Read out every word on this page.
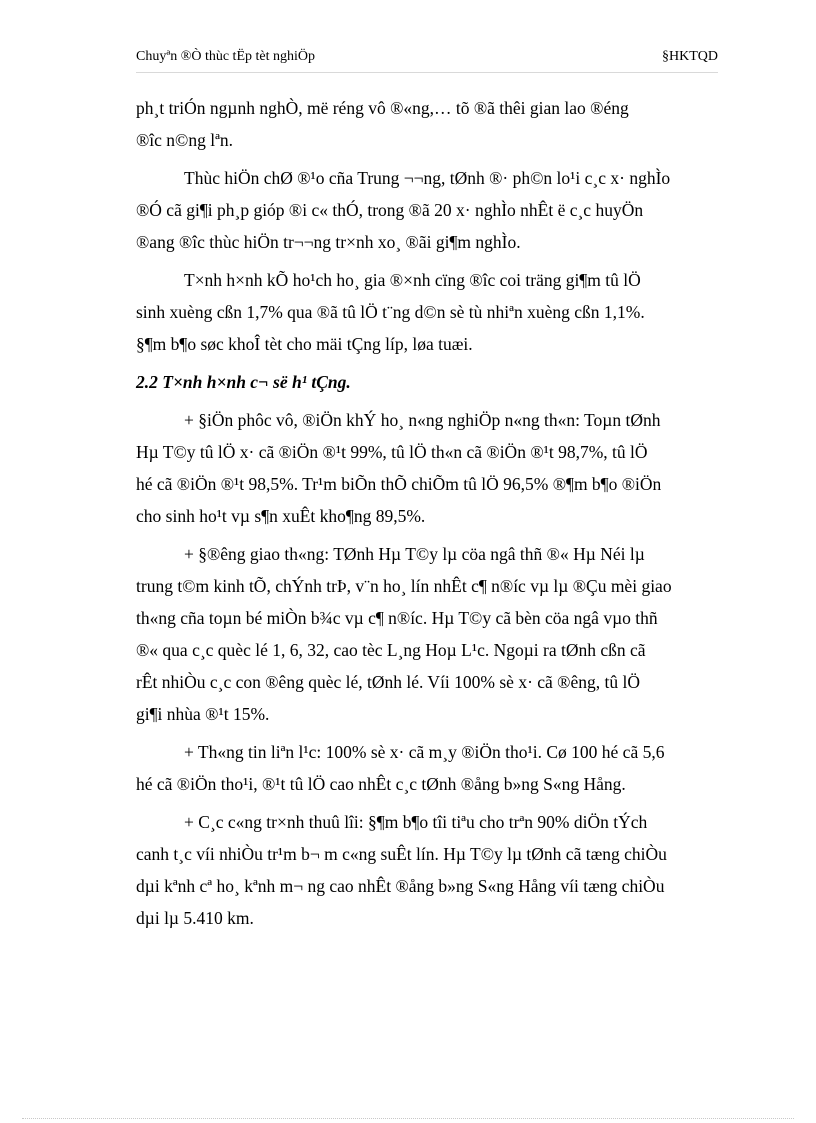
Chuyªn ®Ò thùc tËp tèt nghiÖp	§HKTQD
ph¸t triÓn ngµnh nghÒ, më réng vô ®«ng,… tõ ®ã thêi gian lao ®éng
®îc n©ng lªn.
Thùc hiÖn chØ ®¹o cña Trung ¬¬ng, tØnh ®· ph©n lo¹i c¸c x· nghÌo
®Ó cã gi¶i ph¸p gióp ®i c« thÓ, trong ®ã 20 x· nghÌo nhÊt ë c¸c huyÖn
®ang ®îc thùc hiÖn tr¬¬ng tr×nh xo¸ ®ãi gi¶m nghÌo.
T×nh h×nh kÕ ho¹ch ho¸ gia ®×nh cïng ®îc coi träng gi¶m tû lÖ
sinh xuèng cßn 1,7% qua ®ã tû lÖ t¨ng d©n sè tù nhiªn xuèng cßn 1,1%.
§¶m b¶o søc khoÎ tèt cho mäi tÇng líp, løa tuæi.
2.2 T×nh h×nh c¬ së h¹ tÇng.
+ §iÖn phôc vô, ®iÖn khÝ ho¸ n«ng nghiÖp n«ng th«n: Toµn tØnh
Hµ T©y tû lÖ x· cã ®iÖn ®¹t 99%, tû lÖ th«n cã ®iÖn ®¹t 98,7%, tû lÖ
hé cã ®iÖn ®¹t 98,5%. Tr¹m biÕn thÕ chiÕm tû lÖ 96,5% ®¶m b¶o ®iÖn
cho sinh ho¹t vµ s¶n xuÊt kho¶ng 89,5%.
+ §®êng giao th«ng: TØnh Hµ T©y lµ cöa ngâ thñ ®« Hµ Néi lµ
trung t©m kinh tÕ, chÝnh trÞ, v¨n ho¸ lín nhÊt c¶ n®íc vµ lµ ®Çu mèi giao
th«ng cña toµn bé miÒn b¾c vµ c¶ n®íc. Hµ T©y cã bèn cöa ngâ vµo thñ
®« qua c¸c quèc lé 1, 6, 32, cao tèc L¸ng Hoµ L¹c. Ngoµi ra tØnh cßn cã
rÊt nhiÒu c¸c con ®êng quèc lé, tØnh lé. Víi 100% sè x· cã ®êng, tû lÖ
gi¶i nhùa ®¹t 15%.
+ Th«ng tin liªn l¹c: 100% sè x· cã m¸y ®iÖn tho¹i. Cø 100 hé cã 5,6
hé cã ®iÖn tho¹i, ®¹t tû lÖ cao nhÊt c¸c tØnh ®ång b»ng S«ng Hång.
+ C¸c c«ng tr×nh thuû lîi: §¶m b¶o tîi tiªu cho trªn 90% diÖn tÝch
canh t¸c víi nhiÒu tr¹m b¬ m c«ng suÊt lín. Hµ T©y lµ tØnh cã tæng chiÒu
dµi kªnh cª ho¸ kªnh m¬ ng cao nhÊt ®ång b»ng S«ng Hång víi tæng chiÒu
dµi lµ 5.410 km.
